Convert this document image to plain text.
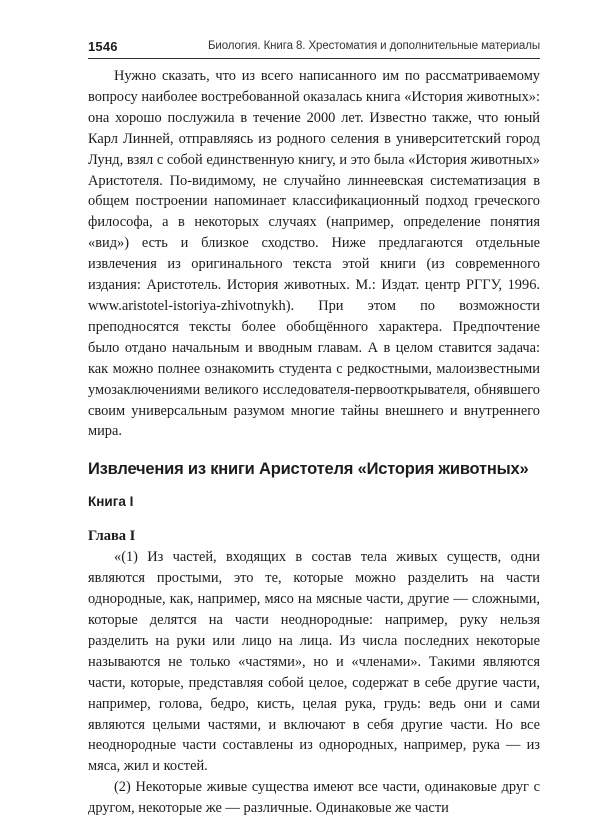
1546	Биология. Книга 8. Хрестоматия и дополнительные материалы

Нужно сказать, что из всего написанного им по рассматриваемому вопросу наиболее востребованной оказалась книга «История животных»: она хорошо послужила в течение 2000 лет. Известно также, что юный Карл Линней, отправляясь из родного селения в университетский город Лунд, взял с собой единственную книгу, и это была «История животных» Аристотеля. По-видимому, не случайно линнеевская систематизация в общем построении напоминает классификационный подход греческого философа, а в некоторых случаях (например, определение понятия «вид») есть и близкое сходство. Ниже предлагаются отдельные извлечения из оригинального текста этой книги (из современного издания: Аристотель. История животных. М.: Издат. центр РГГУ, 1996. www.aristotel-istoriya-zhivotnykh). При этом по возможности преподносятся тексты более обобщённого характера. Предпочтение было отдано начальным и вводным главам. А в целом ставится задача: как можно полнее ознакомить студента с редкостными, малоизвестными умозаключениями великого исследователя-первооткрывателя, обнявшего своим универсальным разумом многие тайны внешнего и внутреннего мира.

Извлечения из книги Аристотеля «История животных»
Книга I
Глава I

«(1) Из частей, входящих в состав тела живых существ, одни являются простыми, это те, которые можно разделить на части однородные, как, например, мясо на мясные части, другие — сложными, которые делятся на части неоднородные: например, руку нельзя разделить на руки или лицо на лица. Из числа последних некоторые называются не только «частями», но и «членами». Такими являются части, которые, представляя собой целое, содержат в себе другие части, например, голова, бедро, кисть, целая рука, грудь: ведь они и сами являются целыми частями, и включают в себя другие части. Но все неоднородные части составлены из однородных, например, рука — из мяса, жил и костей.

(2) Некоторые живые существа имеют все части, одинаковые друг с другом, некоторые же — различные. Одинаковые же части
